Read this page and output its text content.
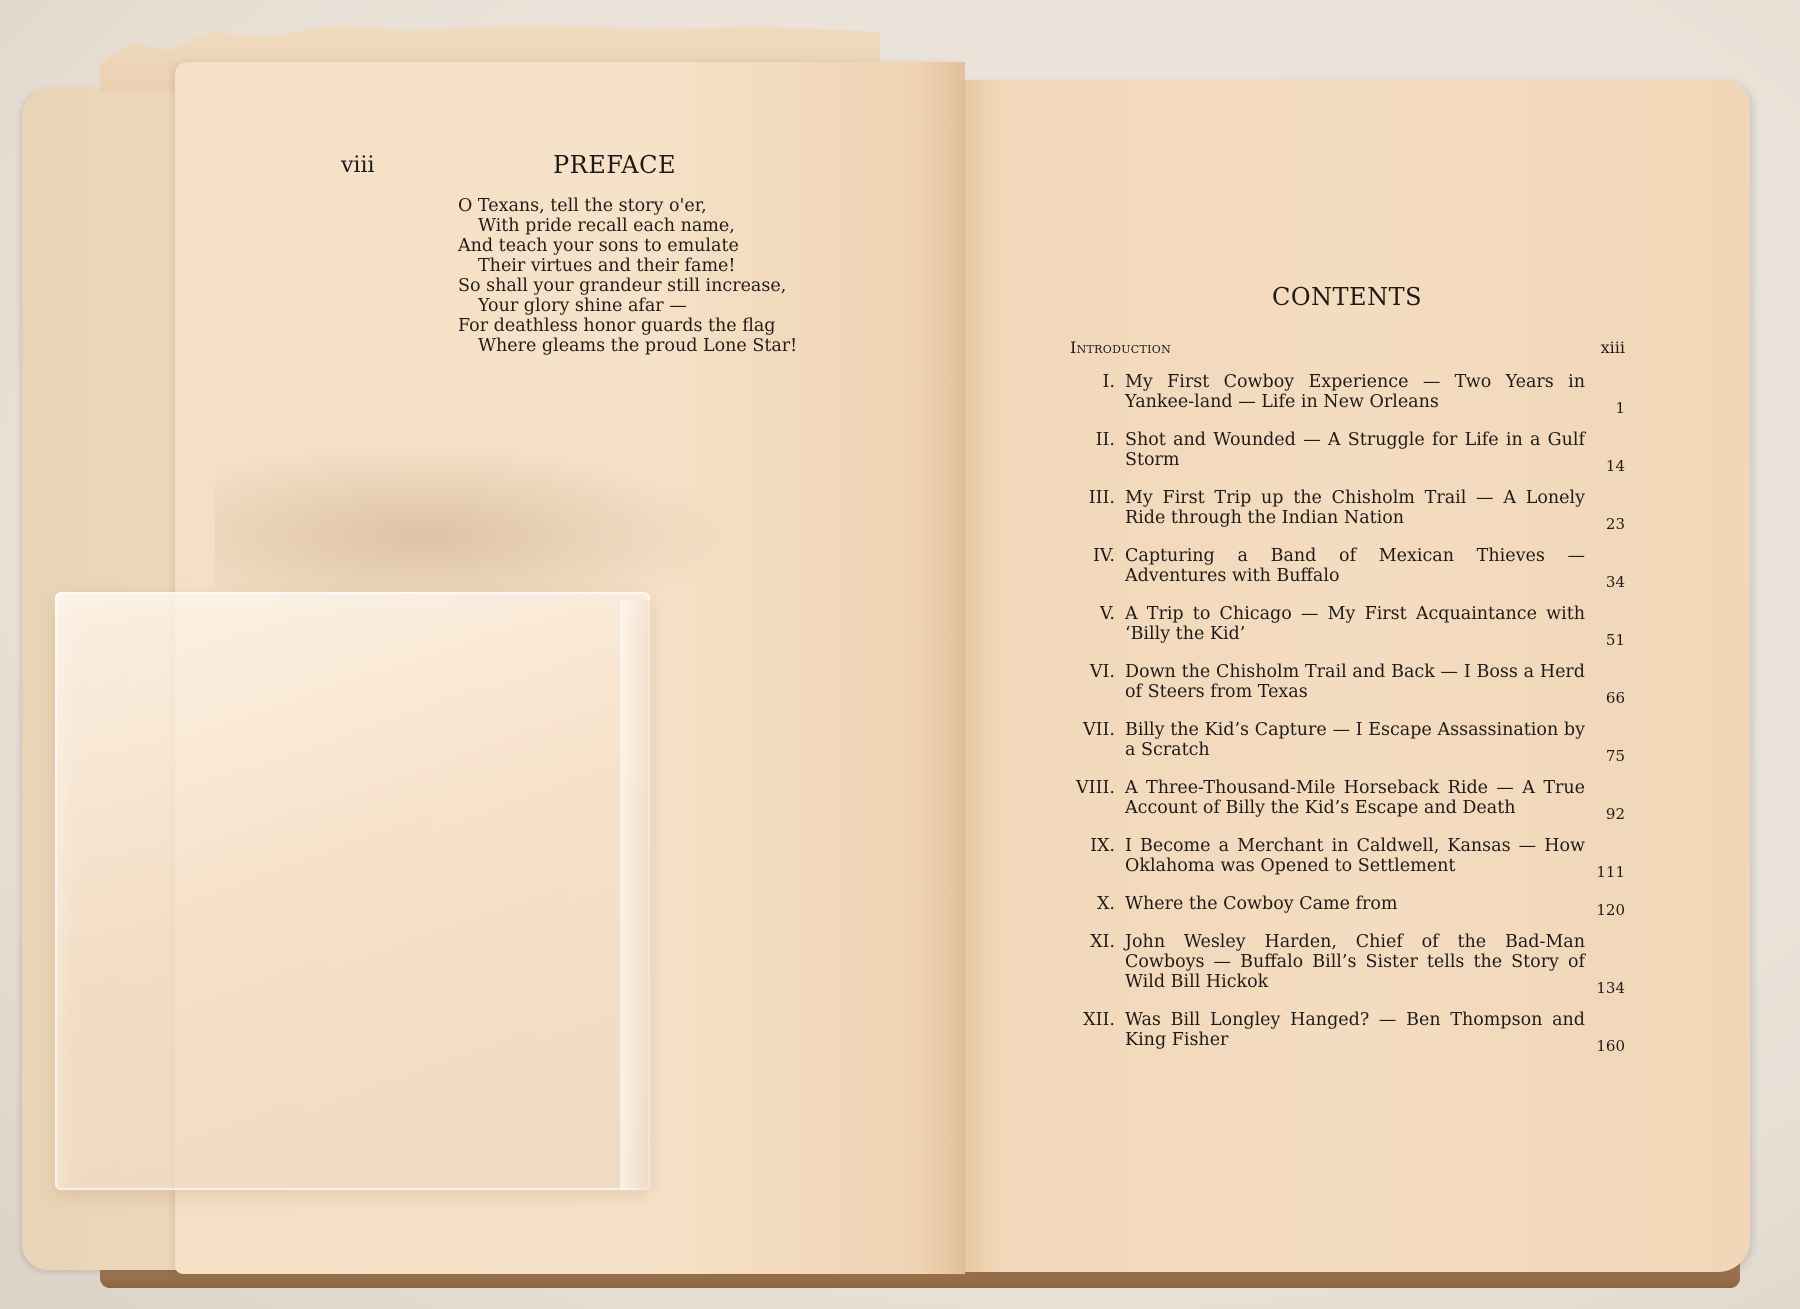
viii	PREFACE
O Texans, tell the story o'er,
With pride recall each name,
And teach your sons to emulate
Their virtues and their fame!
So shall your grandeur still increase,
Your glory shine afar —
For deathless honor guards the flag
Where gleams the proud Lone Star!
CONTENTS
Introduction	xiii
I. My First Cowboy Experience — Two Years in Yankee-land — Life in New Orleans	1
II. Shot and Wounded — A Struggle for Life in a Gulf Storm	14
III. My First Trip up the Chisholm Trail — A Lonely Ride through the Indian Nation	23
IV. Capturing a Band of Mexican Thieves — Adventures with Buffalo	34
V. A Trip to Chicago — My First Acquaintance with ‘Billy the Kid’	51
VI. Down the Chisholm Trail and Back — I Boss a Herd of Steers from Texas	66
VII. Billy the Kid’s Capture — I Escape Assassination by a Scratch	75
VIII. A Three-Thousand-Mile Horseback Ride — A True Account of Billy the Kid’s Escape and Death	92
IX. I Become a Merchant in Caldwell, Kansas — How Oklahoma was Opened to Settlement	111
X. Where the Cowboy Came from	120
XI. John Wesley Harden, Chief of the Bad-Man Cowboys — Buffalo Bill’s Sister tells the Story of Wild Bill Hickok	134
XII. Was Bill Longley Hanged? — Ben Thompson and King Fisher	160
